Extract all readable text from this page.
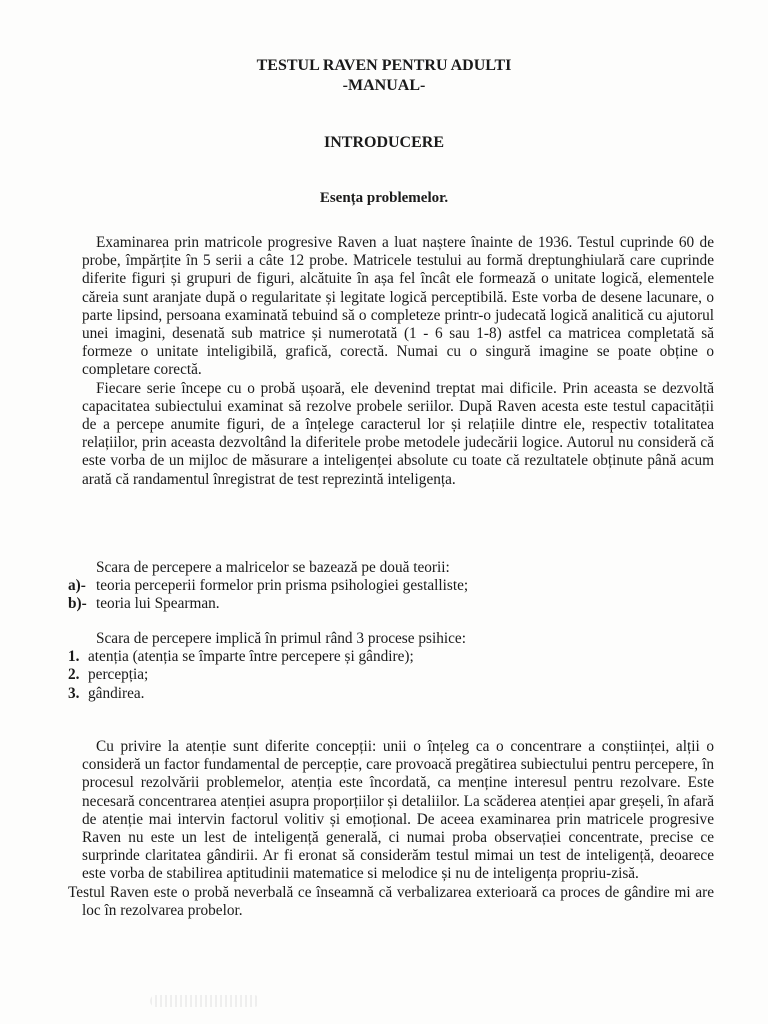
TESTUL RAVEN PENTRU ADULTI
-MANUAL-
INTRODUCERE
Esența problemelor.

Examinarea prin matricole progresive Raven a luat naștere înainte de 1936. Testul cuprinde 60 de probe, împărțite în 5 serii a câte 12 probe. Matricele testului au formă dreptunghiulară care cuprinde diferite figuri și grupuri de figuri, alcătuite în așa fel încât ele formează o unitate logică, elementele căreia sunt aranjate după o regularitate și legitate logică perceptibilă. Este vorba de desene lacunare, o parte lipsind, persoana examinată tebuind să o completeze printr-o judecată logică analitică cu ajutorul unei imagini, desenată sub matrice și numerotată (1 - 6 sau 1-8) astfel ca matricea completată să formeze o unitate inteligibilă, grafică, corectă. Numai cu o singură imagine se poate obține o completare corectă.

Fiecare serie începe cu o probă ușoară, ele devenind treptat mai dificile. Prin aceasta se dezvoltă capacitatea subiectului examinat să rezolve probele seriilor. După Raven acesta este testul capacității de a percepe anumite figuri, de a înțelege caracterul lor și relațiile dintre ele, respectiv totalitatea relațiilor, prin aceasta dezvoltând la diferitele probe metodele judecării logice. Autorul nu consideră că este vorba de un mijloc de măsurare a inteligenței absolute cu toate că rezultatele obținute până acum arată că randamentul înregistrat de test reprezintă inteligența.

Scara de percepere a malricelor se bazează pe două teorii:
a)- teoria perceperii formelor prin prisma psihologiei gestalliste;
b)- teoria lui Spearman.
Scara de percepere implică în primul rând 3 procese psihice:
1. atenția (atenția se împarte între percepere și gândire);
2. percepția;
3. gândirea.

Cu privire la atenție sunt diferite concepții: unii o înțeleg ca o concentrare a conștiinței, alții o consideră un factor fundamental de percepție, care provoacă pregătirea subiectului pentru percepere, în procesul rezolvării problemelor, atenția este încordată, ca menține interesul pentru rezolvare. Este necesară concentrarea atenției asupra proporțiilor și detaliilor. La scăderea atenției apar greșeli, în afară de atenție mai intervin factorul volitiv și emoțional. De aceea examinarea prin matricele progresive Raven nu este un lest de inteligență generală, ci numai proba observației concentrate, precise ce surprinde claritatea gândirii. Ar fi eronat să considerăm testul mimai un test de inteligență, deoarece este vorba de stabilirea aptitudinii matematice si melodice și nu de inteligența propriu-zisă.

Testul Raven este o probă neverbală ce înseamnă că verbalizarea exterioară ca proces de gândire mi are loc în rezolvarea probelor.
